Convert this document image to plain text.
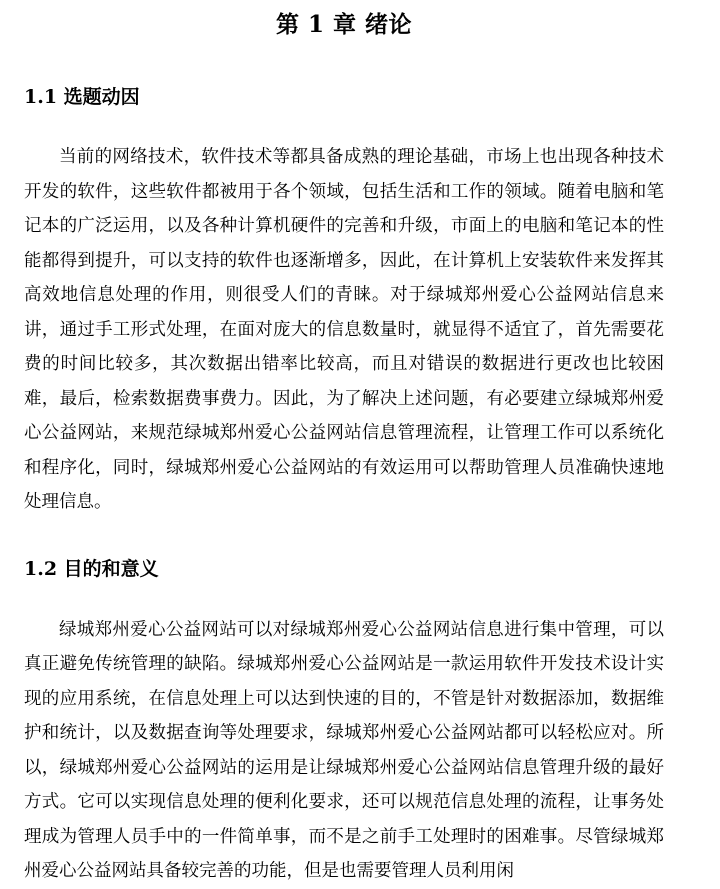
第 1 章 绪论
1.1 选题动因

当前的网络技术，软件技术等都具备成熟的理论基础，市场上也出现各种技术开发的软件，这些软件都被用于各个领域，包括生活和工作的领域。随着电脑和笔记本的广泛运用，以及各种计算机硬件的完善和升级，市面上的电脑和笔记本的性能都得到提升，可以支持的软件也逐渐增多，因此，在计算机上安装软件来发挥其高效地信息处理的作用，则很受人们的青睐。对于绿城郑州爱心公益网站信息来讲，通过手工形式处理，在面对庞大的信息数量时，就显得不适宜了，首先需要花费的时间比较多，其次数据出错率比较高，而且对错误的数据进行更改也比较困难，最后，检索数据费事费力。因此，为了解决上述问题，有必要建立绿城郑州爱心公益网站，来规范绿城郑州爱心公益网站信息管理流程，让管理工作可以系统化和程序化，同时，绿城郑州爱心公益网站的有效运用可以帮助管理人员准确快速地处理信息。

1.2 目的和意义

绿城郑州爱心公益网站可以对绿城郑州爱心公益网站信息进行集中管理，可以真正避免传统管理的缺陷。绿城郑州爱心公益网站是一款运用软件开发技术设计实现的应用系统，在信息处理上可以达到快速的目的，不管是针对数据添加，数据维护和统计，以及数据查询等处理要求，绿城郑州爱心公益网站都可以轻松应对。所以，绿城郑州爱心公益网站的运用是让绿城郑州爱心公益网站信息管理升级的最好方式。它可以实现信息处理的便利化要求，还可以规范信息处理的流程，让事务处理成为管理人员手中的一件简单事，而不是之前手工处理时的困难事。尽管绿城郑州爱心公益网站具备较完善的功能，但是也需要管理人员利用闲
